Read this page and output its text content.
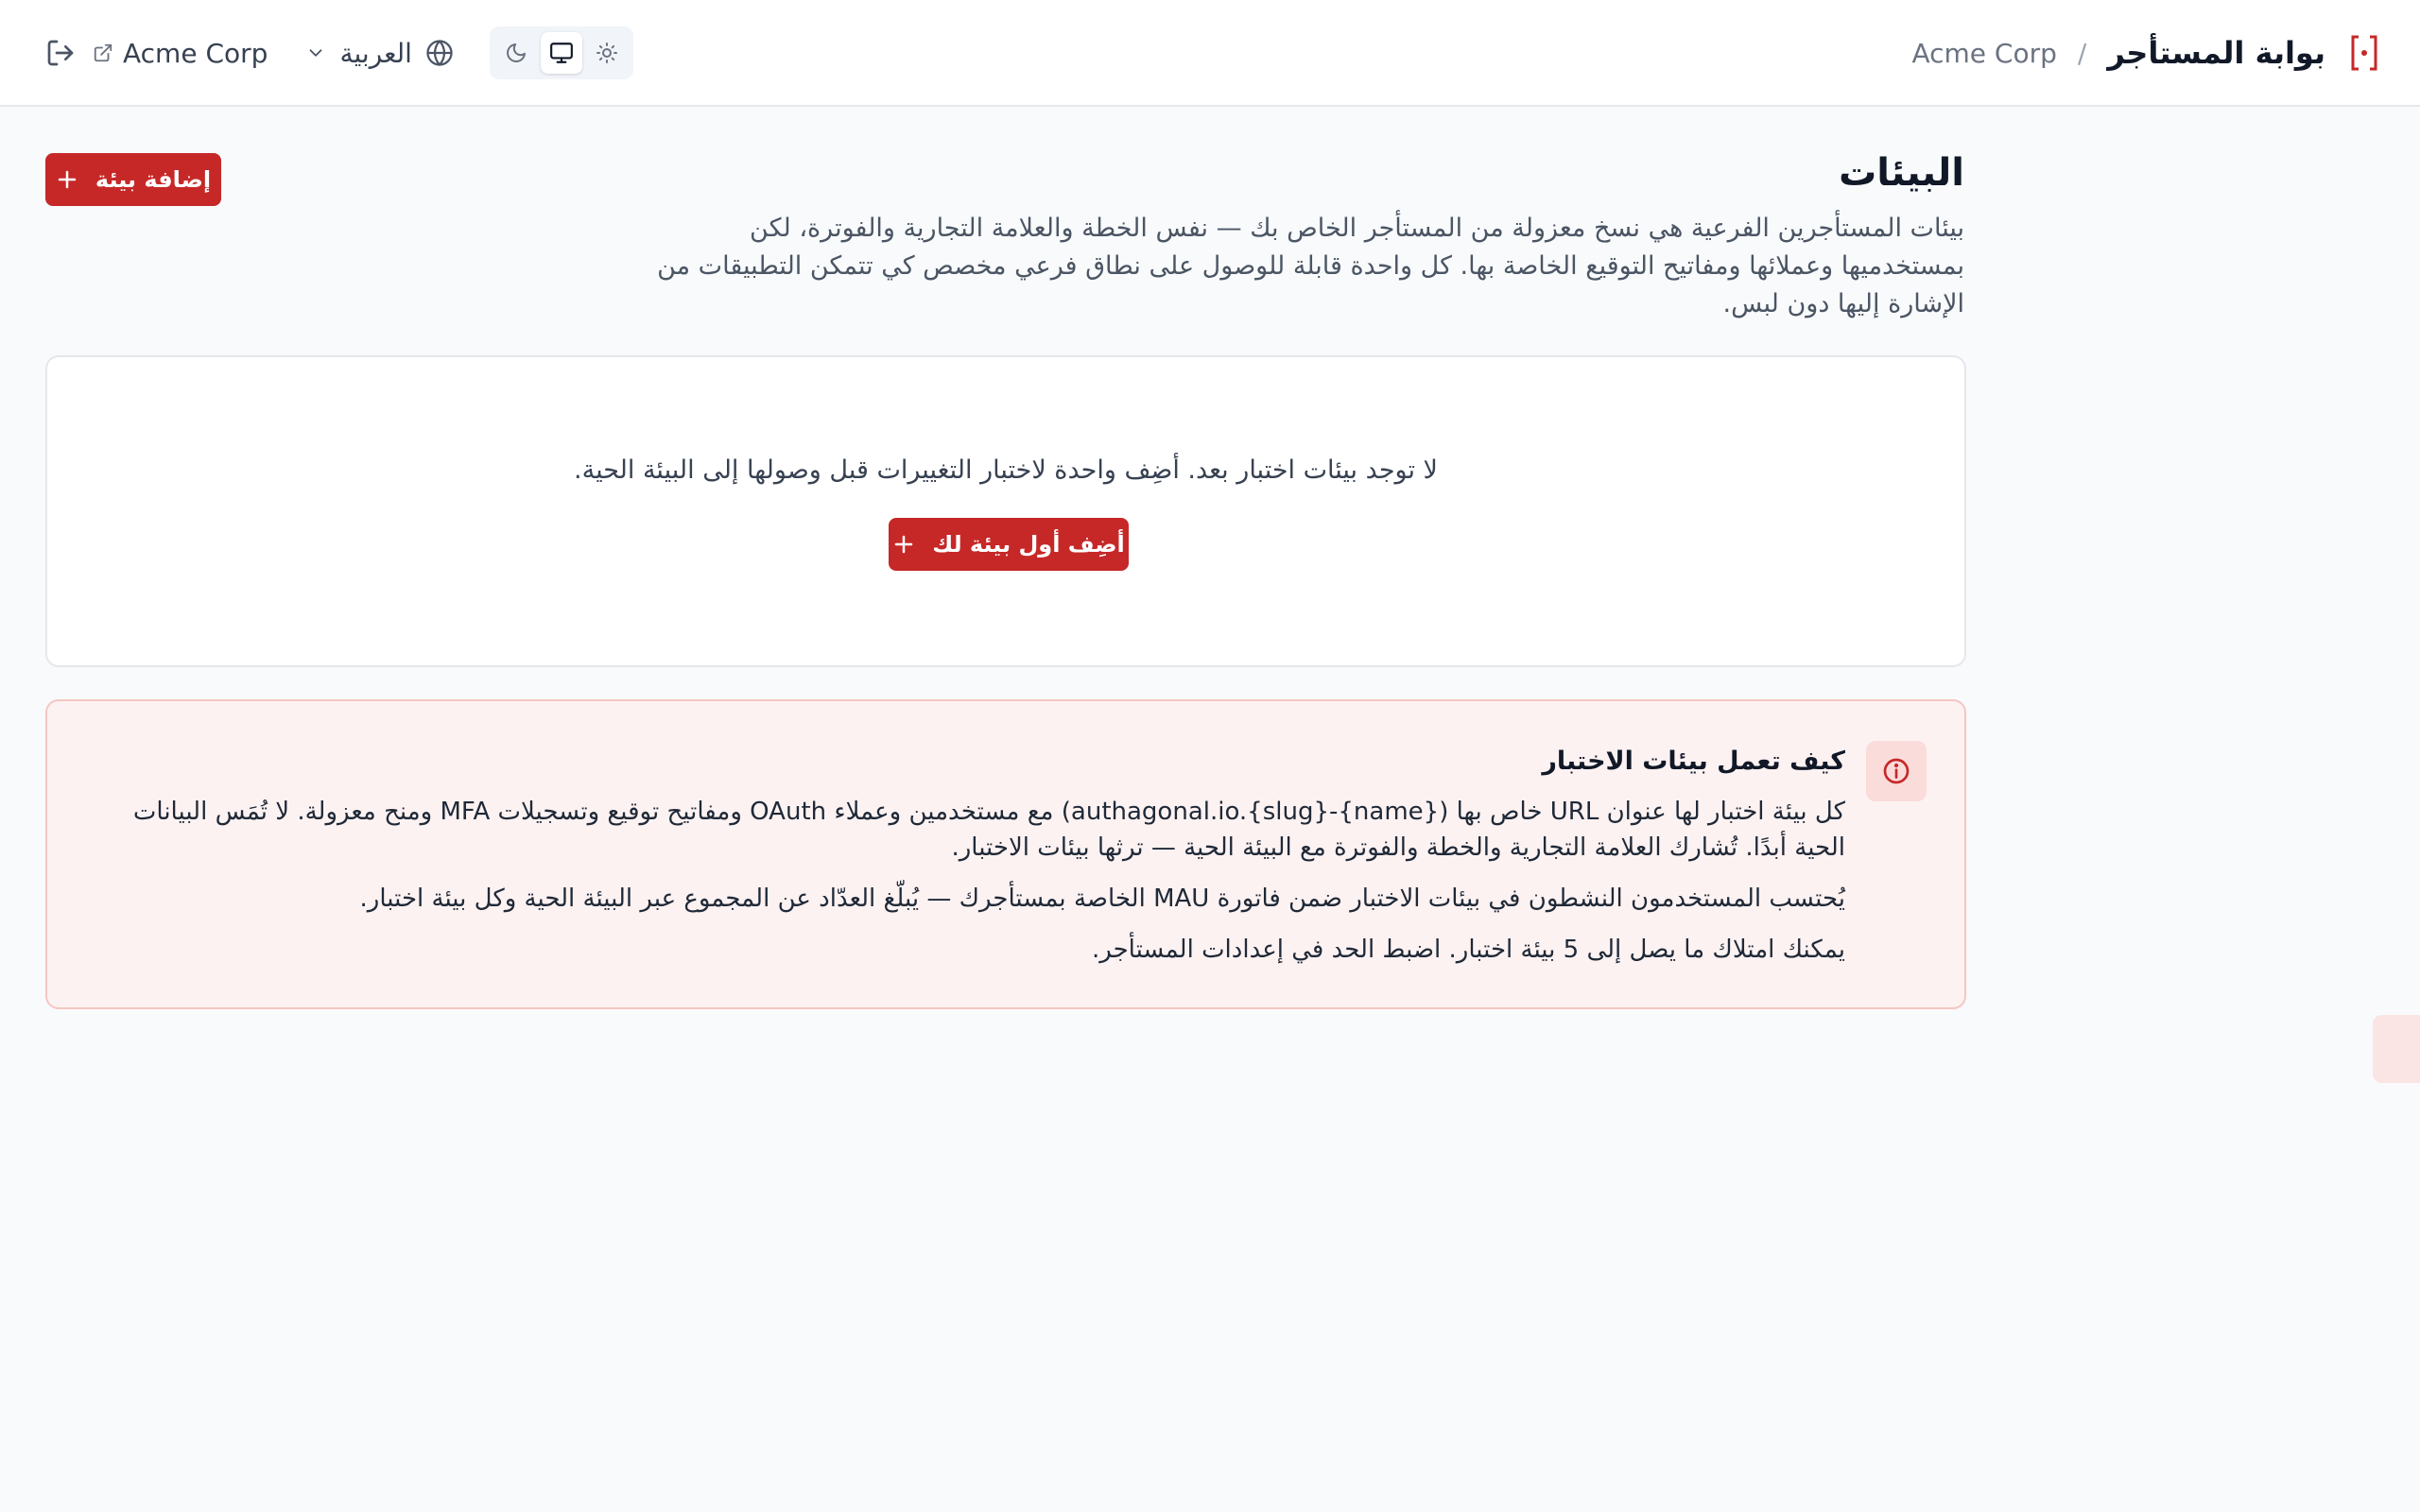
بوابة المستأجر
/
Acme Corp
Acme Corp	العربية
البيئات

بيئات المستأجرين الفرعية هي نسخ معزولة من المستأجر الخاص بك — نفس الخطة والعلامة التجارية والفوترة، لكن بمستخدميها وعملائها ومفاتيح التوقيع الخاصة بها. كل واحدة قابلة للوصول على نطاق فرعي مخصص كي تتمكن التطبيقات من الإشارة إليها دون لبس.

إضافة بيئة

لا توجد بيئات اختبار بعد. أضِف واحدة لاختبار التغييرات قبل وصولها إلى البيئة الحية.

أضِف أول بيئة لك
كيف تعمل بيئات الاختبار

كل بيئة اختبار لها عنوان URL خاص بها (authagonal.io.{slug}-{name}) مع مستخدمين وعملاء OAuth ومفاتيح توقيع وتسجيلات MFA ومنح معزولة. لا تُمَس البيانات الحية أبدًا. تُشارك العلامة التجارية والخطة والفوترة مع البيئة الحية — ترثها بيئات الاختبار.

يُحتسب المستخدمون النشطون في بيئات الاختبار ضمن فاتورة MAU الخاصة بمستأجرك — يُبلّغ العدّاد عن المجموع عبر البيئة الحية وكل بيئة اختبار.

يمكنك امتلاك ما يصل إلى 5 بيئة اختبار. اضبط الحد في إعدادات المستأجر.
